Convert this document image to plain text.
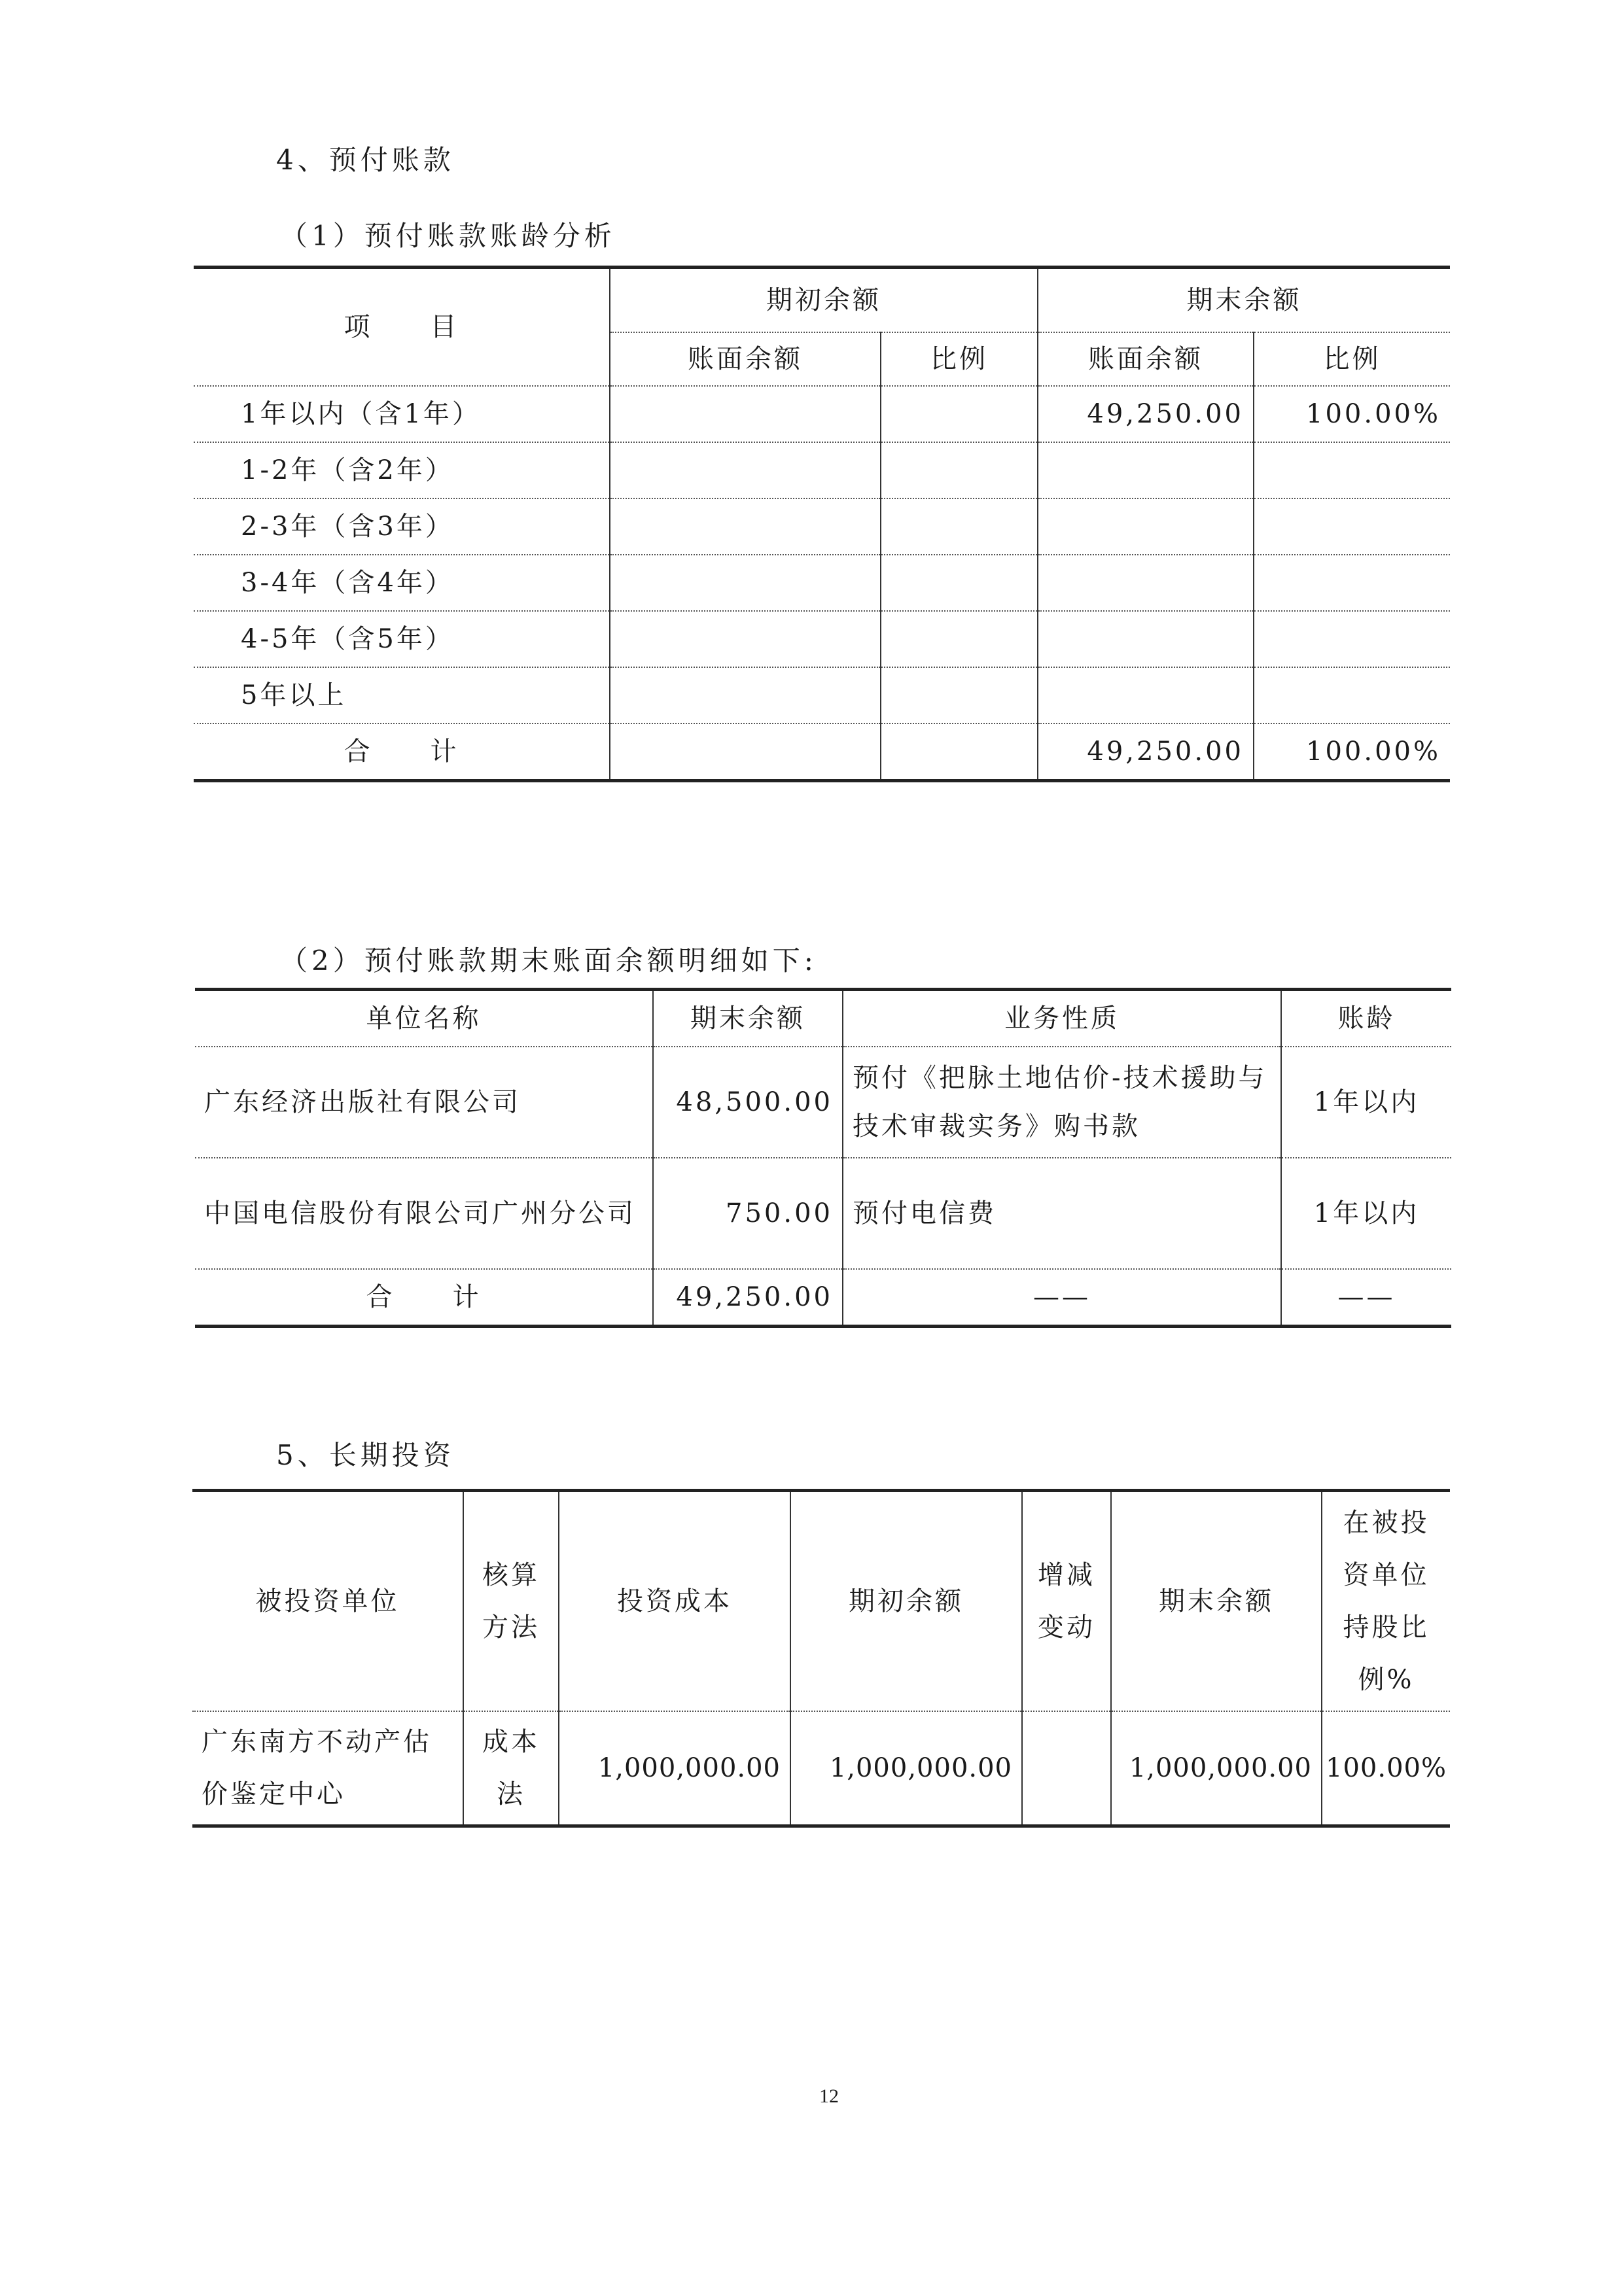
4、预付账款
（1）预付账款账龄分析
项　　目	期初余额		期末余额	
	账面余额	比例	账面余额	比例
1年以内（含1年）			49,250.00	100.00%
1-2年（含2年）				
2-3年（含3年）				
3-4年（含4年）				
4-5年（含5年）				
5年以上				
合　　计			49,250.00	100.00%
（2）预付账款期末账面余额明细如下:
单位名称	期末余额	业务性质	账龄
广东经济出版社有限公司	48,500.00	预付《把脉土地估价-技术援助与技术审裁实务》购书款	1年以内
中国电信股份有限公司广州分公司	750.00	预付电信费	1年以内
合　　计	49,250.00	——	——
5、长期投资
被投资单位	核算方法	投资成本	期初余额	增减变动	期末余额	在被投资单位持股比例%
广东南方不动产估价鉴定中心	成本法	1,000,000.00	1,000,000.00		1,000,000.00	100.00%
12
